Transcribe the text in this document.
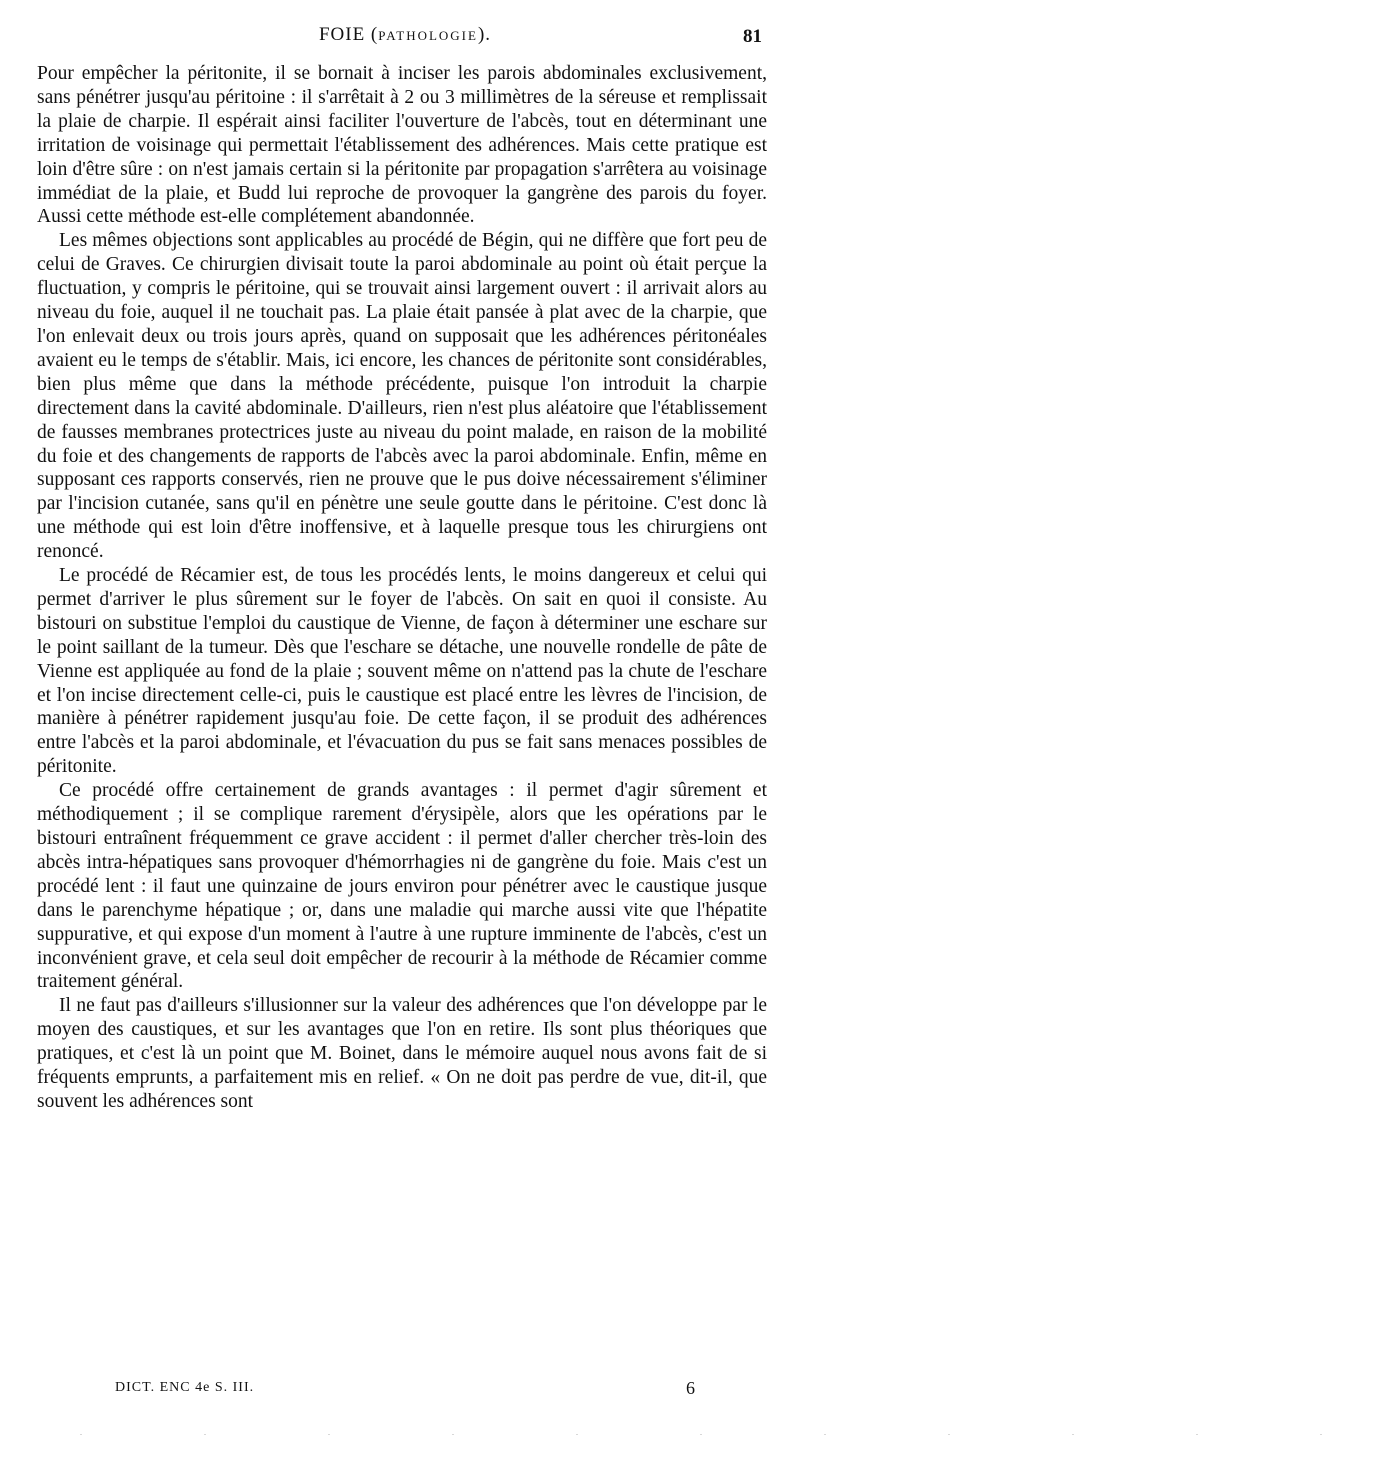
FOIE (PATHOLOGIE).	81

Pour empêcher la péritonite, il se bornait à inciser les parois abdominales exclusivement, sans pénétrer jusqu'au péritoine : il s'arrêtait à 2 ou 3 millimètres de la séreuse et remplissait la plaie de charpie. Il espérait ainsi faciliter l'ouverture de l'abcès, tout en déterminant une irritation de voisinage qui permettait l'établissement des adhérences. Mais cette pratique est loin d'être sûre : on n'est jamais certain si la péritonite par propagation s'arrêtera au voisinage immédiat de la plaie, et Budd lui reproche de provoquer la gangrène des parois du foyer. Aussi cette méthode est-elle complétement abandonnée.

Les mêmes objections sont applicables au procédé de Bégin, qui ne diffère que fort peu de celui de Graves. Ce chirurgien divisait toute la paroi abdominale au point où était perçue la fluctuation, y compris le péritoine, qui se trouvait ainsi largement ouvert : il arrivait alors au niveau du foie, auquel il ne touchait pas. La plaie était pansée à plat avec de la charpie, que l'on enlevait deux ou trois jours après, quand on supposait que les adhérences péritonéales avaient eu le temps de s'établir. Mais, ici encore, les chances de péritonite sont considérables, bien plus même que dans la méthode précédente, puisque l'on introduit la charpie directement dans la cavité abdominale. D'ailleurs, rien n'est plus aléatoire que l'établissement de fausses membranes protectrices juste au niveau du point malade, en raison de la mobilité du foie et des changements de rapports de l'abcès avec la paroi abdominale. Enfin, même en supposant ces rapports conservés, rien ne prouve que le pus doive nécessairement s'éliminer par l'incision cutanée, sans qu'il en pénètre une seule goutte dans le péritoine. C'est donc là une méthode qui est loin d'être inoffensive, et à laquelle presque tous les chirurgiens ont renoncé.

Le procédé de Récamier est, de tous les procédés lents, le moins dangereux et celui qui permet d'arriver le plus sûrement sur le foyer de l'abcès. On sait en quoi il consiste. Au bistouri on substitue l'emploi du caustique de Vienne, de façon à déterminer une eschare sur le point saillant de la tumeur. Dès que l'eschare se détache, une nouvelle rondelle de pâte de Vienne est appliquée au fond de la plaie ; souvent même on n'attend pas la chute de l'eschare et l'on incise directement celle-ci, puis le caustique est placé entre les lèvres de l'incision, de manière à pénétrer rapidement jusqu'au foie. De cette façon, il se produit des adhérences entre l'abcès et la paroi abdominale, et l'évacuation du pus se fait sans menaces possibles de péritonite.

Ce procédé offre certainement de grands avantages : il permet d'agir sûrement et méthodiquement ; il se complique rarement d'érysipèle, alors que les opérations par le bistouri entraînent fréquemment ce grave accident : il permet d'aller chercher très-loin des abcès intra-hépatiques sans provoquer d'hémorrhagies ni de gangrène du foie. Mais c'est un procédé lent : il faut une quinzaine de jours environ pour pénétrer avec le caustique jusque dans le parenchyme hépatique ; or, dans une maladie qui marche aussi vite que l'hépatite suppurative, et qui expose d'un moment à l'autre à une rupture imminente de l'abcès, c'est un inconvénient grave, et cela seul doit empêcher de recourir à la méthode de Récamier comme traitement général.

Il ne faut pas d'ailleurs s'illusionner sur la valeur des adhérences que l'on développe par le moyen des caustiques, et sur les avantages que l'on en retire. Ils sont plus théoriques que pratiques, et c'est là un point que M. Boinet, dans le mémoire auquel nous avons fait de si fréquents emprunts, a parfaitement mis en relief. « On ne doit pas perdre de vue, dit-il, que souvent les adhérences sont

DICT. ENC 4e S. III.	6
. . . . . . . . . . .
